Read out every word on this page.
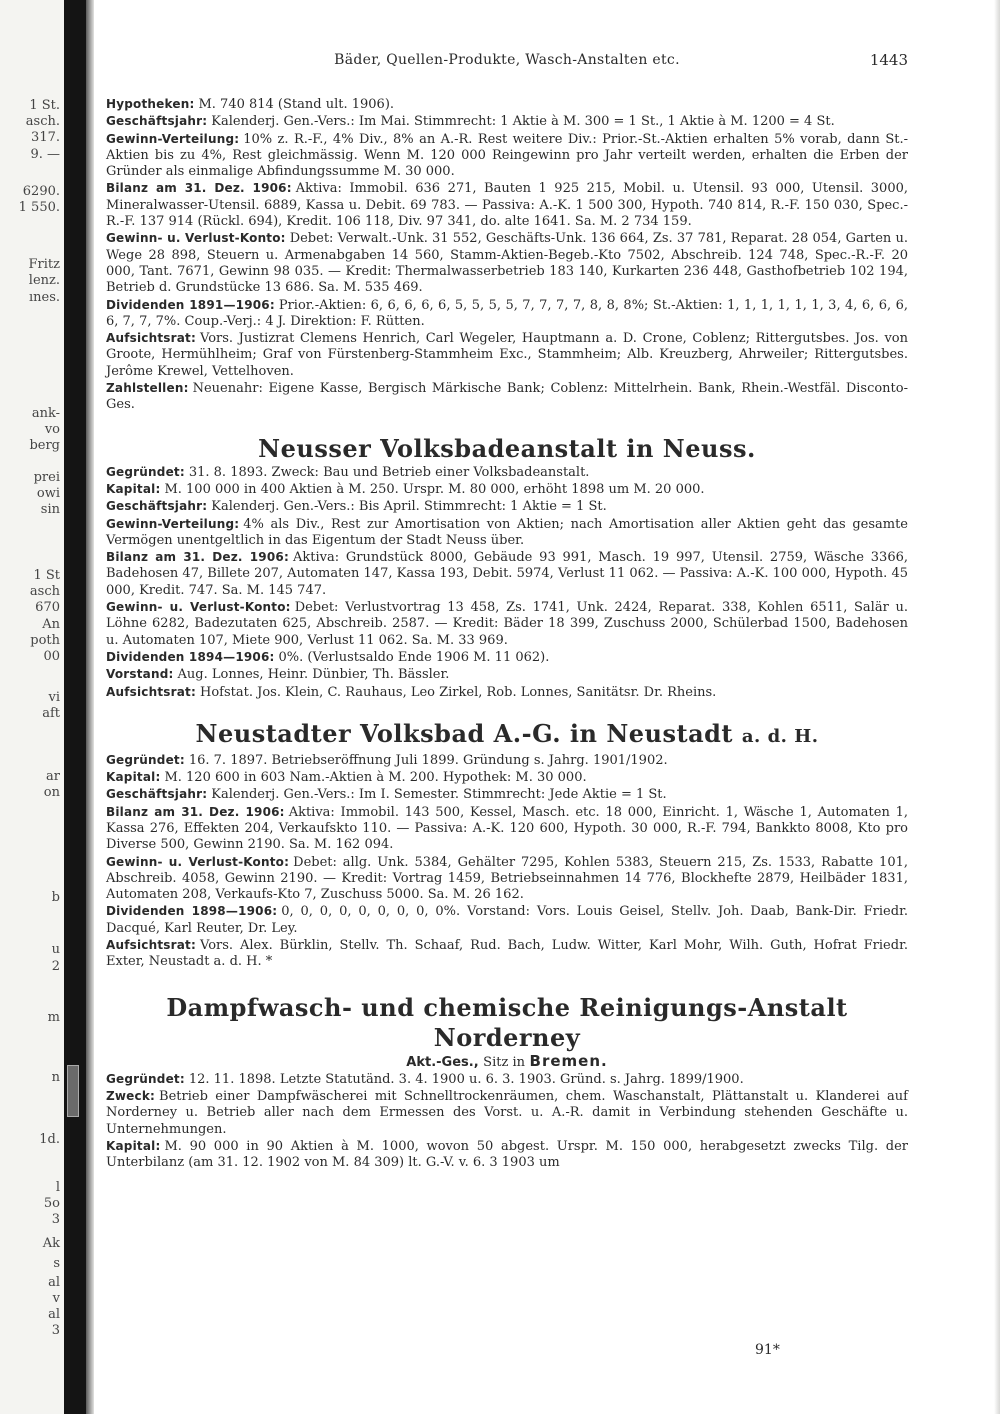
1 St.
asch.
317.
9. —
6290.
1 550.
Fritz
lenz.
ınes.
ank-
vo
berg
prei
owi
sin
1 St
asch
670
An
poth
00
vi
aft
ar
on
b
u
2
m
n
1d.
l
5o
3
Ak
s
al
v
al
3
Bäder, Quellen-Produkte, Wasch-Anstalten etc.	1443

Hypotheken: M. 740 814 (Stand ult. 1906).

Geschäftsjahr: Kalenderj. Gen.-Vers.: Im Mai. Stimmrecht: 1 Aktie à M. 300 = 1 St., 1 Aktie à M. 1200 = 4 St.

Gewinn-Verteilung: 10% z. R.-F., 4% Div., 8% an A.-R. Rest weitere Div.: Prior.-St.-Aktien erhalten 5% vorab, dann St.-Aktien bis zu 4%, Rest gleichmässig. Wenn M. 120 000 Reingewinn pro Jahr verteilt werden, erhalten die Erben der Gründer als einmalige Abfindungssumme M. 30 000.

Bilanz am 31. Dez. 1906: Aktiva: Immobil. 636 271, Bauten 1 925 215, Mobil. u. Utensil. 93 000, Utensil. 3000, Mineralwasser-Utensil. 6889, Kassa u. Debit. 69 783. — Passiva: A.-K. 1 500 300, Hypoth. 740 814, R.-F. 150 030, Spec.-R.-F. 137 914 (Rückl. 694), Kredit. 106 118, Div. 97 341, do. alte 1641. Sa. M. 2 734 159.

Gewinn- u. Verlust-Konto: Debet: Verwalt.-Unk. 31 552, Geschäfts-Unk. 136 664, Zs. 37 781, Reparat. 28 054, Garten u. Wege 28 898, Steuern u. Armenabgaben 14 560, Stamm-Aktien-Begeb.-Kto 7502, Abschreib. 124 748, Spec.-R.-F. 20 000, Tant. 7671, Gewinn 98 035. — Kredit: Thermalwasserbetrieb 183 140, Kurkarten 236 448, Gasthofbetrieb 102 194, Betrieb d. Grundstücke 13 686. Sa. M. 535 469.

Dividenden 1891—1906: Prior.-Aktien: 6, 6, 6, 6, 6, 5, 5, 5, 5, 7, 7, 7, 7, 8, 8, 8%; St.-Aktien: 1, 1, 1, 1, 1, 1, 3, 4, 6, 6, 6, 6, 7, 7, 7%. Coup.-Verj.: 4 J. Direktion: F. Rütten.

Aufsichtsrat: Vors. Justizrat Clemens Henrich, Carl Wegeler, Hauptmann a. D. Crone, Coblenz; Rittergutsbes. Jos. von Groote, Hermühlheim; Graf von Fürstenberg-Stammheim Exc., Stammheim; Alb. Kreuzberg, Ahrweiler; Rittergutsbes. Jerôme Krewel, Vettelhoven.

Zahlstellen: Neuenahr: Eigene Kasse, Bergisch Märkische Bank; Coblenz: Mittelrhein. Bank, Rhein.-Westfäl. Disconto-Ges.

Neusser Volksbadeanstalt in Neuss.

Gegründet: 31. 8. 1893. Zweck: Bau und Betrieb einer Volksbadeanstalt.

Kapital: M. 100 000 in 400 Aktien à M. 250. Urspr. M. 80 000, erhöht 1898 um M. 20 000.

Geschäftsjahr: Kalenderj. Gen.-Vers.: Bis April. Stimmrecht: 1 Aktie = 1 St.

Gewinn-Verteilung: 4% als Div., Rest zur Amortisation von Aktien; nach Amortisation aller Aktien geht das gesamte Vermögen unentgeltlich in das Eigentum der Stadt Neuss über.

Bilanz am 31. Dez. 1906: Aktiva: Grundstück 8000, Gebäude 93 991, Masch. 19 997, Utensil. 2759, Wäsche 3366, Badehosen 47, Billete 207, Automaten 147, Kassa 193, Debit. 5974, Verlust 11 062. — Passiva: A.-K. 100 000, Hypoth. 45 000, Kredit. 747. Sa. M. 145 747.

Gewinn- u. Verlust-Konto: Debet: Verlustvortrag 13 458, Zs. 1741, Unk. 2424, Reparat. 338, Kohlen 6511, Salär u. Löhne 6282, Badezutaten 625, Abschreib. 2587. — Kredit: Bäder 18 399, Zuschuss 2000, Schülerbad 1500, Badehosen u. Automaten 107, Miete 900, Verlust 11 062. Sa. M. 33 969.

Dividenden 1894—1906: 0%. (Verlustsaldo Ende 1906 M. 11 062).

Vorstand: Aug. Lonnes, Heinr. Dünbier, Th. Bässler.

Aufsichtsrat: Hofstat. Jos. Klein, C. Rauhaus, Leo Zirkel, Rob. Lonnes, Sanitätsr. Dr. Rheins.

Neustadter Volksbad A.-G. in Neustadt a. d. H.

Gegründet: 16. 7. 1897. Betriebseröffnung Juli 1899. Gründung s. Jahrg. 1901/1902.

Kapital: M. 120 600 in 603 Nam.-Aktien à M. 200. Hypothek: M. 30 000.

Geschäftsjahr: Kalenderj. Gen.-Vers.: Im I. Semester. Stimmrecht: Jede Aktie = 1 St.

Bilanz am 31. Dez. 1906: Aktiva: Immobil. 143 500, Kessel, Masch. etc. 18 000, Einricht. 1, Wäsche 1, Automaten 1, Kassa 276, Effekten 204, Verkaufskto 110. — Passiva: A.-K. 120 600, Hypoth. 30 000, R.-F. 794, Bankkto 8008, Kto pro Diverse 500, Gewinn 2190. Sa. M. 162 094.

Gewinn- u. Verlust-Konto: Debet: allg. Unk. 5384, Gehälter 7295, Kohlen 5383, Steuern 215, Zs. 1533, Rabatte 101, Abschreib. 4058, Gewinn 2190. — Kredit: Vortrag 1459, Betriebseinnahmen 14 776, Blockhefte 2879, Heilbäder 1831, Automaten 208, Verkaufs-Kto 7, Zuschuss 5000. Sa. M. 26 162.

Dividenden 1898—1906: 0, 0, 0, 0, 0, 0, 0, 0, 0%. Vorstand: Vors. Louis Geisel, Stellv. Joh. Daab, Bank-Dir. Friedr. Dacqué, Karl Reuter, Dr. Ley.

Aufsichtsrat: Vors. Alex. Bürklin, Stellv. Th. Schaaf, Rud. Bach, Ludw. Witter, Karl Mohr, Wilh. Guth, Hofrat Friedr. Exter, Neustadt a. d. H. *

Dampfwasch- und chemische Reinigungs-Anstalt Norderney

Akt.-Ges., Sitz in Bremen.

Gegründet: 12. 11. 1898. Letzte Statutänd. 3. 4. 1900 u. 6. 3. 1903. Gründ. s. Jahrg. 1899/1900.

Zweck: Betrieb einer Dampfwäscherei mit Schnelltrockenräumen, chem. Waschanstalt, Plättanstalt u. Klanderei auf Norderney u. Betrieb aller nach dem Ermessen des Vorst. u. A.-R. damit in Verbindung stehenden Geschäfte u. Unternehmungen.

Kapital: M. 90 000 in 90 Aktien à M. 1000, wovon 50 abgest. Urspr. M. 150 000, herabgesetzt zwecks Tilg. der Unterbilanz (am 31. 12. 1902 von M. 84 309) lt. G.-V. v. 6. 3 1903 um

91*
